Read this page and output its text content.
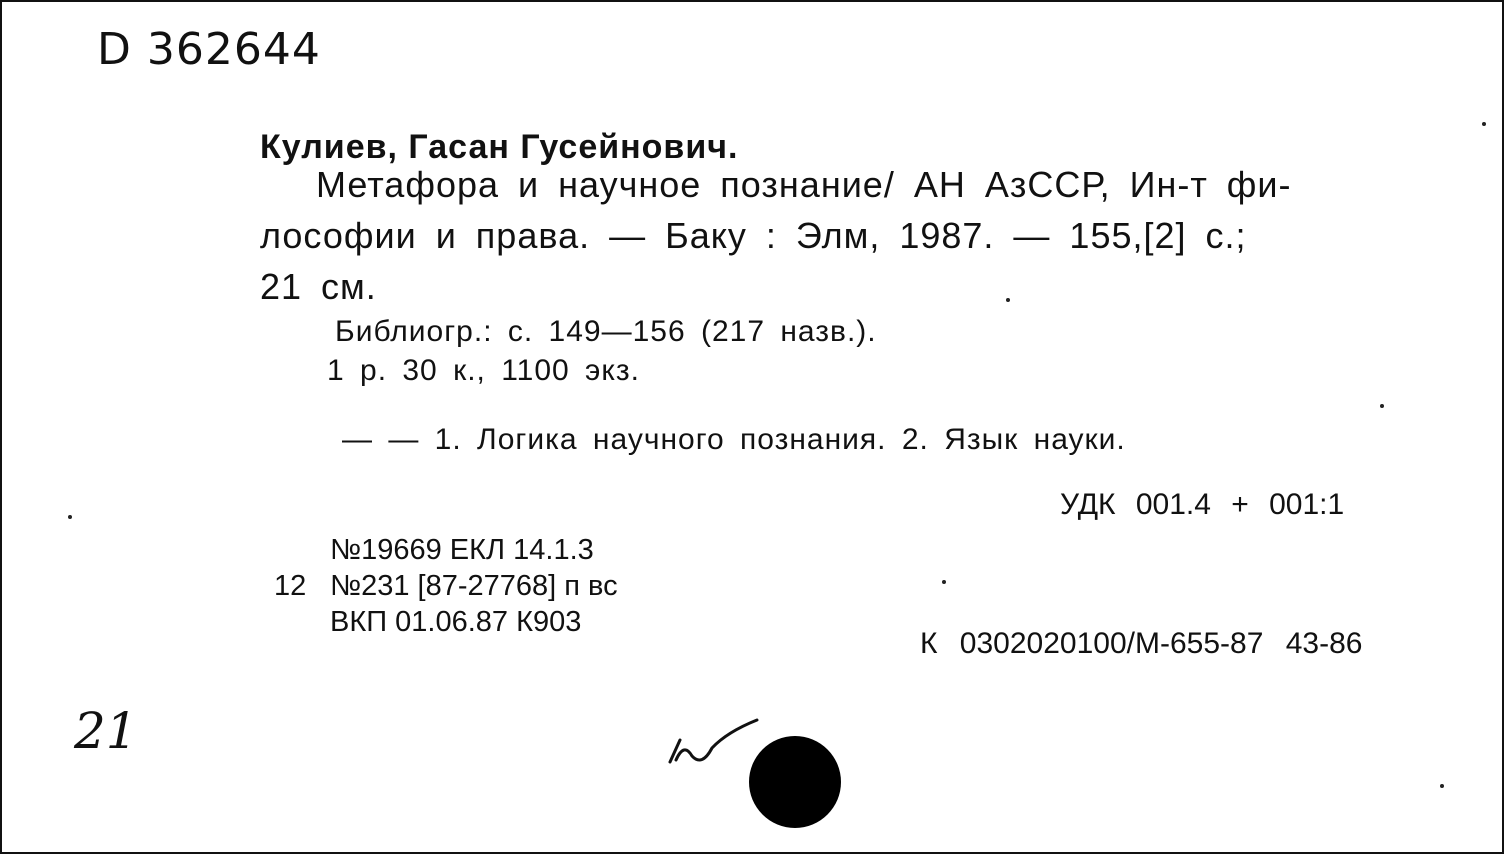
D 362644
Кулиев, Гасан Гусейнович.
Метафора и научное познание/ АН АзССР, Ин-т фи-
лософии и права. — Баку : Элм, 1987. — 155,[2] с.;
21 см.
Библиогр.: с. 149—156 (217 назв.).
1 р. 30 к., 1100 экз.
— — 1. Логика научного познания. 2. Язык науки.
УДК 001.4 + 001:1
№19669 ЕКЛ 14.1.3
12 №231 [87-27768] п вс
ВКП 01.06.87 К903
К 0302020100/М-655-87 43-86
21
